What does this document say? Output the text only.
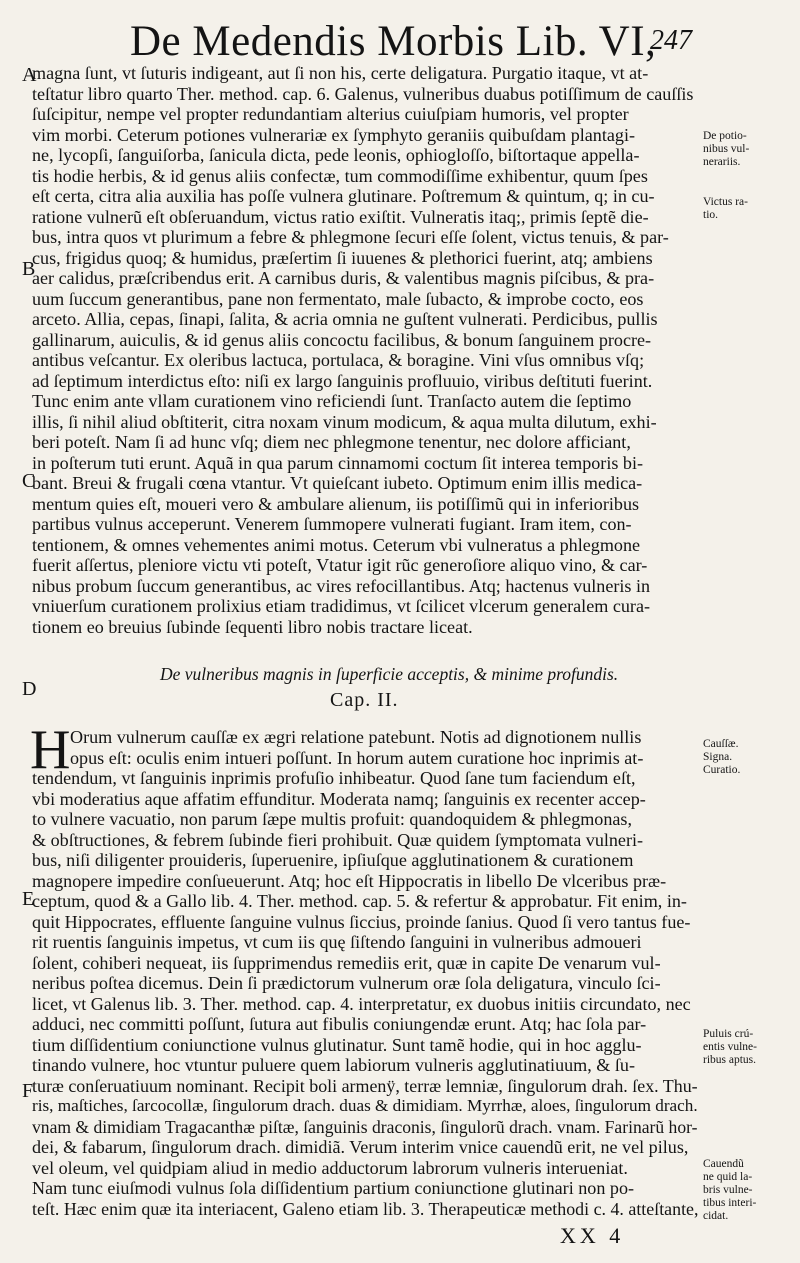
De Medendis Morbis Lib. VI,
247
A
B
C
D
E
F
magna ſunt, vt ſuturis indigeant, aut ſi non his, certe deligatura. Purgatio itaque, vt at-
teſtatur libro quarto Ther. method. cap. 6. Galenus, vulneribus duabus potiſſimum de cauſſis
ſuſcipitur, nempe vel propter redundantiam alterius cuiuſpiam humoris, vel propter
vim morbi. Ceterum potiones vulnerariæ ex ſymphyto geraniis quibuſdam plantagi-
ne, lycopſi, ſanguiſorba, ſanicula dicta, pede leonis, ophiogloſſo, biſtortaque appella-
tis hodie herbis, & id genus aliis confectæ, tum commodiſſime exhibentur, quum ſpes
eſt certa, citra alia auxilia has poſſe vulnera glutinare. Poſtremum & quintum, q; in cu-
ratione vulnerũ eſt obſeruandum, victus ratio exiſtit. Vulneratis itaq;, primis ſeptẽ die-
bus, intra quos vt plurimum a febre & phlegmone ſecuri eſſe ſolent, victus tenuis, & par-
cus, frigidus quoq; & humidus, præſertim ſi iuuenes & plethorici fuerint, atq; ambiens
aer calidus, præſcribendus erit. A carnibus duris, & valentibus magnis piſcibus, & pra-
uum ſuccum generantibus, pane non fermentato, male ſubacto, & improbe cocto, eos
arceto. Allia, cepas, ſinapi, ſalita, & acria omnia ne guſtent vulnerati. Perdicibus, pullis
gallinarum, auiculis, & id genus aliis concoctu facilibus, & bonum ſanguinem procre-
antibus veſcantur. Ex oleribus lactuca, portulaca, & boragine. Vini vſus omnibus vſq;
ad ſeptimum interdictus eſto: niſi ex largo ſanguinis profluuio, viribus deſtituti fuerint.
Tunc enim ante vllam curationem vino reficiendi ſunt. Tranſacto autem die ſeptimo
illis, ſi nihil aliud obſtiterit, citra noxam vinum modicum, & aqua multa dilutum, exhi-
beri poteſt. Nam ſi ad hunc vſq; diem nec phlegmone tenentur, nec dolore afficiant,
in poſterum tuti erunt. Aquã in qua parum cinnamomi coctum ſit interea temporis bi-
bant. Breui & frugali cœna vtantur. Vt quieſcant iubeto. Optimum enim illis medica-
mentum quies eſt, moueri vero & ambulare alienum, iis potiſſimũ qui in inferioribus
partibus vulnus acceperunt. Venerem ſummopere vulnerati fugiant. Iram item, con-
tentionem, & omnes vehementes animi motus. Ceterum vbi vulneratus a phlegmone
fuerit aſſertus, pleniore victu vti poteſt, Vtatur igit rũc generoſiore aliquo vino, & car-
nibus probum ſuccum generantibus, ac vires refocillantibus. Atq; hactenus vulneris in
vniuerſum curationem prolixius etiam tradidimus, vt ſcilicet vlcerum generalem cura-
tionem eo breuius ſubinde ſequenti libro nobis tractare liceat.
De vulneribus magnis in ſuperficie acceptis, & minime profundis.
Cap. II.
H Orum vulnerum cauſſæ ex ægri relatione patebunt. Notis ad dignotionem nullis
opus eſt: oculis enim intueri poſſunt. In horum autem curatione hoc inprimis at-
tendendum, vt ſanguinis inprimis profuſio inhibeatur. Quod ſane tum faciendum eſt,
vbi moderatius aque affatim effunditur. Moderata namq; ſanguinis ex recenter accep-
to vulnere vacuatio, non parum ſæpe multis profuit: quandoquidem & phlegmonas,
& obſtructiones, & febrem ſubinde fieri prohibuit. Quæ quidem ſymptomata vulneri-
bus, niſi diligenter prouideris, ſuperuenire, ipſiuſque agglutinationem & curationem
magnopere impedire conſueuerunt. Atq; hoc eſt Hippocratis in libello De vlceribus præ-
ceptum, quod & a Gallo lib. 4. Ther. method. cap. 5. & refertur & approbatur. Fit enim, in-
quit Hippocrates, effluente ſanguine vulnus ſiccius, proinde ſanius. Quod ſi vero tantus fue-
rit ruentis ſanguinis impetus, vt cum iis quę ſiſtendo ſanguini in vulneribus admoueri
ſolent, cohiberi nequeat, iis ſupprimendus remediis erit, quæ in capite De venarum vul-
neribus poſtea dicemus. Dein ſi prædictorum vulnerum oræ ſola deligatura, vinculo ſci-
licet, vt Galenus lib. 3. Ther. method. cap. 4. interpretatur, ex duobus initiis circundato, nec
adduci, nec committi poſſunt, ſutura aut fibulis coniungendæ erunt. Atq; hac ſola par-
tium diſſidentium coniunctione vulnus glutinatur. Sunt tamẽ hodie, qui in hoc agglu-
tinando vulnere, hoc vtuntur puluere quem labiorum vulneris agglutinatiuum, & ſu-
turæ conſeruatiuum nominant. Recipit boli armenÿ, terræ lemniæ, ſingulorum drah. ſex. Thu-
ris, maſtiches, ſarcocollæ, ſingulorum drach. duas & dimidiam. Myrrhæ, aloes, ſingulorum drach.
vnam & dimidiam Tragacanthæ piſtæ, ſanguinis draconis, ſingulorũ drach. vnam. Farinarũ hor-
dei, & fabarum, ſingulorum drach. dimidiã. Verum interim vnice cauendũ erit, ne vel pilus,
vel oleum, vel quidpiam aliud in medio adductorum labrorum vulneris interueniat.
Nam tunc eiuſmodi vulnus ſola diſſidentium partium coniunctione glutinari non po-
teſt. Hæc enim quæ ita interiacent, Galeno etiam lib. 3. Therapeuticæ methodi c. 4. atteſtante,
De potio-
nibus vul-
nerariis.
Victus ra-
tio.
Cauſſæ.
Signa.
Curatio.
Puluis crú-
entis vulne-
ribus aptus.
Cauendũ
ne quid la-
bris vulne-
tibus interi-
cidat.
XX 4
